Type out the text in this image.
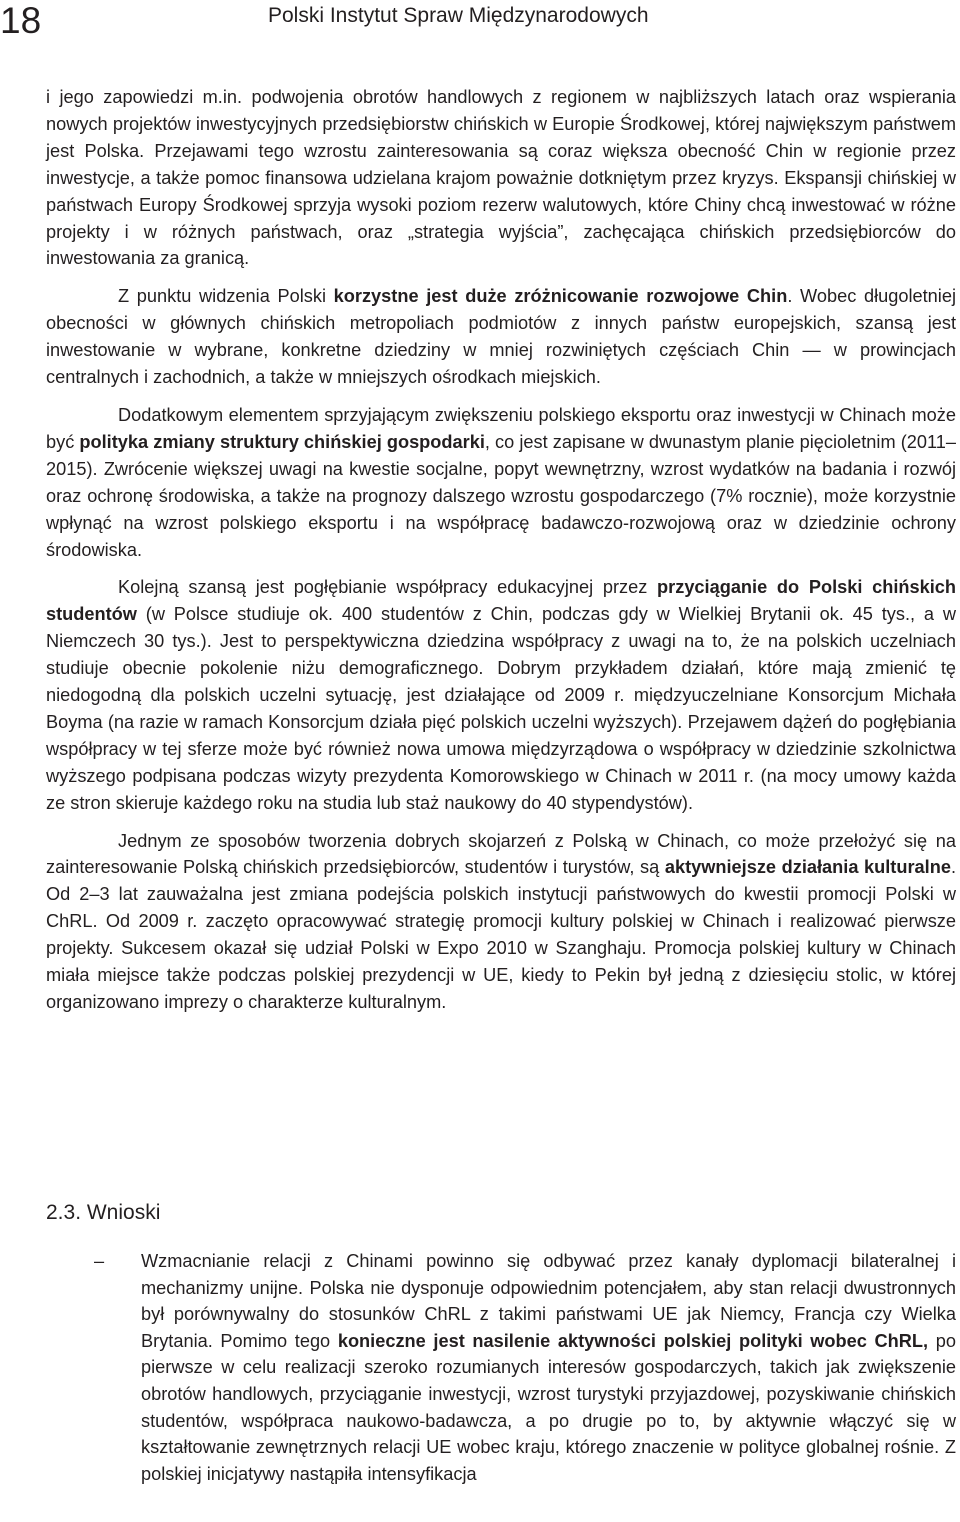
18	Polski Instytut Spraw Międzynarodowych

i jego zapowiedzi m.in. podwojenia obrotów handlowych z regionem w najbliższych latach oraz wspierania nowych projektów inwestycyjnych przedsiębiorstw chińskich w Europie Środkowej, której największym państwem jest Polska. Przejawami tego wzrostu zainteresowania są coraz większa obecność Chin w regionie przez inwestycje, a także pomoc finansowa udzielana krajom poważnie dotkniętym przez kryzys. Ekspansji chińskiej w państwach Europy Środkowej sprzyja wysoki poziom rezerw walutowych, które Chiny chcą inwestować w różne projekty i w różnych państwach, oraz „strategia wyjścia”, zachęcająca chińskich przedsiębiorców do inwestowania za granicą.

Z punktu widzenia Polski korzystne jest duże zróżnicowanie rozwojowe Chin. Wobec długoletniej obecności w głównych chińskich metropoliach podmiotów z innych państw europejskich, szansą jest inwestowanie w wybrane, konkretne dziedziny w mniej rozwiniętych częściach Chin — w prowincjach centralnych i zachodnich, a także w mniejszych ośrodkach miejskich.

Dodatkowym elementem sprzyjającym zwiększeniu polskiego eksportu oraz inwestycji w Chinach może być polityka zmiany struktury chińskiej gospodarki, co jest zapisane w dwunastym planie pięcioletnim (2011–2015). Zwrócenie większej uwagi na kwestie socjalne, popyt wewnętrzny, wzrost wydatków na badania i rozwój oraz ochronę środowiska, a także na prognozy dalszego wzrostu gospodarczego (7% rocznie), może korzystnie wpłynąć na wzrost polskiego eksportu i na współpracę badawczo-rozwojową oraz w dziedzinie ochrony środowiska.

Kolejną szansą jest pogłębianie współpracy edukacyjnej przez przyciąganie do Polski chińskich studentów (w Polsce studiuje ok. 400 studentów z Chin, podczas gdy w Wielkiej Brytanii ok. 45 tys., a w Niemczech 30 tys.). Jest to perspektywiczna dziedzina współpracy z uwagi na to, że na polskich uczelniach studiuje obecnie pokolenie niżu demograficznego. Dobrym przykładem działań, które mają zmienić tę niedogodną dla polskich uczelni sytuację, jest działające od 2009 r. międzyuczelniane Konsorcjum Michała Boyma (na razie w ramach Konsorcjum działa pięć polskich uczelni wyższych). Przejawem dążeń do pogłębiania współpracy w tej sferze może być również nowa umowa międzyrządowa o współpracy w dziedzinie szkolnictwa wyższego podpisana podczas wizyty prezydenta Komorowskiego w Chinach w 2011 r. (na mocy umowy każda ze stron skieruje każdego roku na studia lub staż naukowy do 40 stypendystów).

Jednym ze sposobów tworzenia dobrych skojarzeń z Polską w Chinach, co może przełożyć się na zainteresowanie Polską chińskich przedsiębiorców, studentów i turystów, są aktywniejsze działania kulturalne. Od 2–3 lat zauważalna jest zmiana podejścia polskich instytucji państwowych do kwestii promocji Polski w ChRL. Od 2009 r. zaczęto opracowywać strategię promocji kultury polskiej w Chinach i realizować pierwsze projekty. Sukcesem okazał się udział Polski w Expo 2010 w Szanghaju. Promocja polskiej kultury w Chinach miała miejsce także podczas polskiej prezydencji w UE, kiedy to Pekin był jedną z dziesięciu stolic, w której organizowano imprezy o charakterze kulturalnym.

2.3. Wnioski
– Wzmacnianie relacji z Chinami powinno się odbywać przez kanały dyplomacji bilateralnej i mechanizmy unijne. Polska nie dysponuje odpowiednim potencjałem, aby stan relacji dwustronnych był porównywalny do stosunków ChRL z takimi państwami UE jak Niemcy, Francja czy Wielka Brytania. Pomimo tego konieczne jest nasilenie aktywności polskiej polityki wobec ChRL, po pierwsze w celu realizacji szeroko rozumianych interesów gospodarczych, takich jak zwiększenie obrotów handlowych, przyciąganie inwestycji, wzrost turystyki przyjazdowej, pozyskiwanie chińskich studentów, współpraca naukowo-badawcza, a po drugie po to, by aktywnie włączyć się w kształtowanie zewnętrznych relacji UE wobec kraju, którego znaczenie w polityce globalnej rośnie. Z polskiej inicjatywy nastąpiła intensyfikacja
